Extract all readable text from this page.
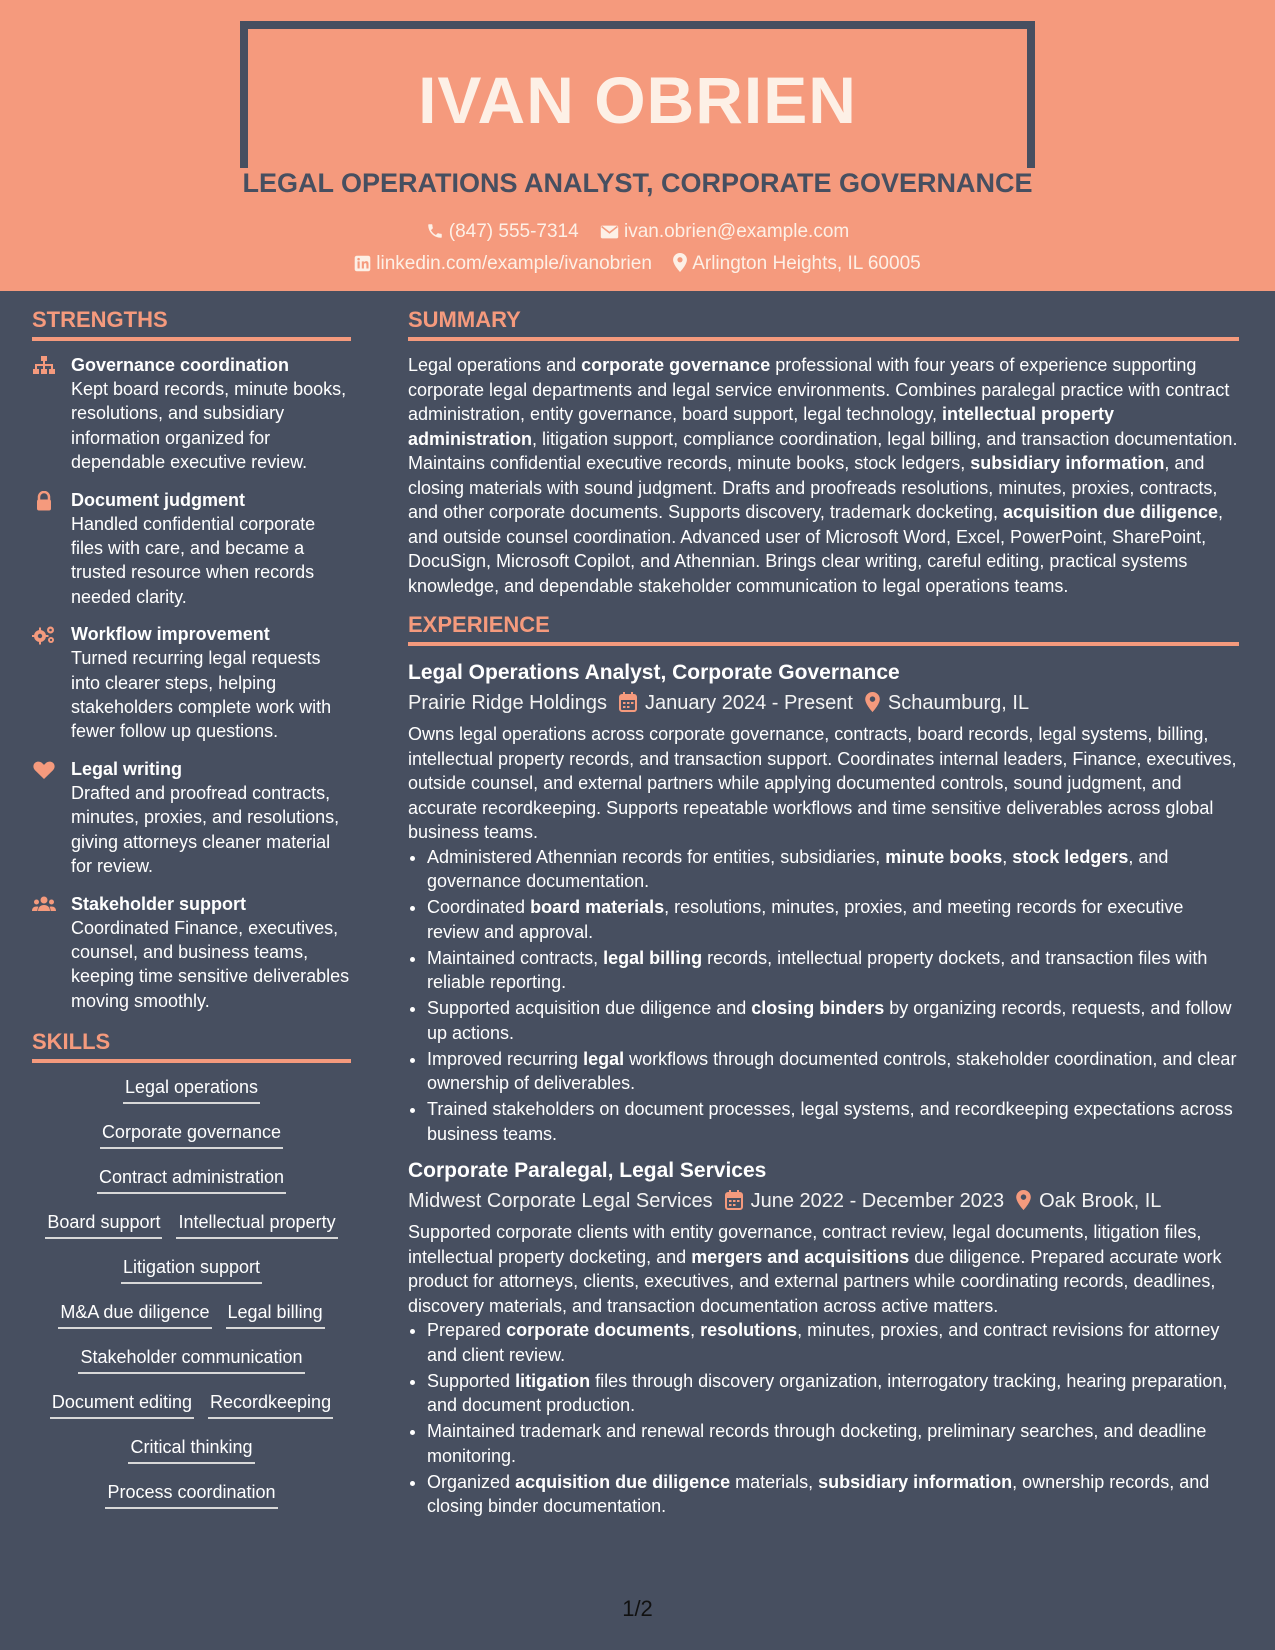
IVAN OBRIEN
LEGAL OPERATIONS ANALYST, CORPORATE GOVERNANCE
(847) 555-7314 ivan.obrien@example.com
linkedin.com/example/ivanobrien Arlington Heights, IL 60005
STRENGTHS
Governance coordination
Kept board records, minute books, resolutions, and subsidiary information organized for dependable executive review.
Document judgment
Handled confidential corporate files with care, and became a trusted resource when records needed clarity.
Workflow improvement
Turned recurring legal requests into clearer steps, helping stakeholders complete work with fewer follow up questions.
Legal writing
Drafted and proofread contracts, minutes, proxies, and resolutions, giving attorneys cleaner material for review.
Stakeholder support
Coordinated Finance, executives, counsel, and business teams, keeping time sensitive deliverables moving smoothly.
SKILLS
Legal operations
Corporate governance
Contract administration
Board support Intellectual property
Litigation support
M&A due diligence Legal billing
Stakeholder communication
Document editing Recordkeeping
Critical thinking
Process coordination
SUMMARY
Legal operations and corporate governance professional with four years of experience supporting corporate legal departments and legal service environments. Combines paralegal practice with contract administration, entity governance, board support, legal technology, intellectual property administration, litigation support, compliance coordination, legal billing, and transaction documentation. Maintains confidential executive records, minute books, stock ledgers, subsidiary information, and closing materials with sound judgment. Drafts and proofreads resolutions, minutes, proxies, contracts, and other corporate documents. Supports discovery, trademark docketing, acquisition due diligence, and outside counsel coordination. Advanced user of Microsoft Word, Excel, PowerPoint, SharePoint, DocuSign, Microsoft Copilot, and Athennian. Brings clear writing, careful editing, practical systems knowledge, and dependable stakeholder communication to legal operations teams.
EXPERIENCE
Legal Operations Analyst, Corporate Governance
Prairie Ridge Holdings January 2024 - Present Schaumburg, IL
Owns legal operations across corporate governance, contracts, board records, legal systems, billing, intellectual property records, and transaction support. Coordinates internal leaders, Finance, executives, outside counsel, and external partners while applying documented controls, sound judgment, and accurate recordkeeping. Supports repeatable workflows and time sensitive deliverables across global business teams.
• Administered Athennian records for entities, subsidiaries, minute books, stock ledgers, and governance documentation.
• Coordinated board materials, resolutions, minutes, proxies, and meeting records for executive review and approval.
• Maintained contracts, legal billing records, intellectual property dockets, and transaction files with reliable reporting.
• Supported acquisition due diligence and closing binders by organizing records, requests, and follow up actions.
• Improved recurring legal workflows through documented controls, stakeholder coordination, and clear ownership of deliverables.
• Trained stakeholders on document processes, legal systems, and recordkeeping expectations across business teams.
Corporate Paralegal, Legal Services
Midwest Corporate Legal Services June 2022 - December 2023 Oak Brook, IL
Supported corporate clients with entity governance, contract review, legal documents, litigation files, intellectual property docketing, and mergers and acquisitions due diligence. Prepared accurate work product for attorneys, clients, executives, and external partners while coordinating records, deadlines, discovery materials, and transaction documentation across active matters.
• Prepared corporate documents, resolutions, minutes, proxies, and contract revisions for attorney and client review.
• Supported litigation files through discovery organization, interrogatory tracking, hearing preparation, and document production.
• Maintained trademark and renewal records through docketing, preliminary searches, and deadline monitoring.
• Organized acquisition due diligence materials, subsidiary information, ownership records, and closing binder documentation.
1/2
